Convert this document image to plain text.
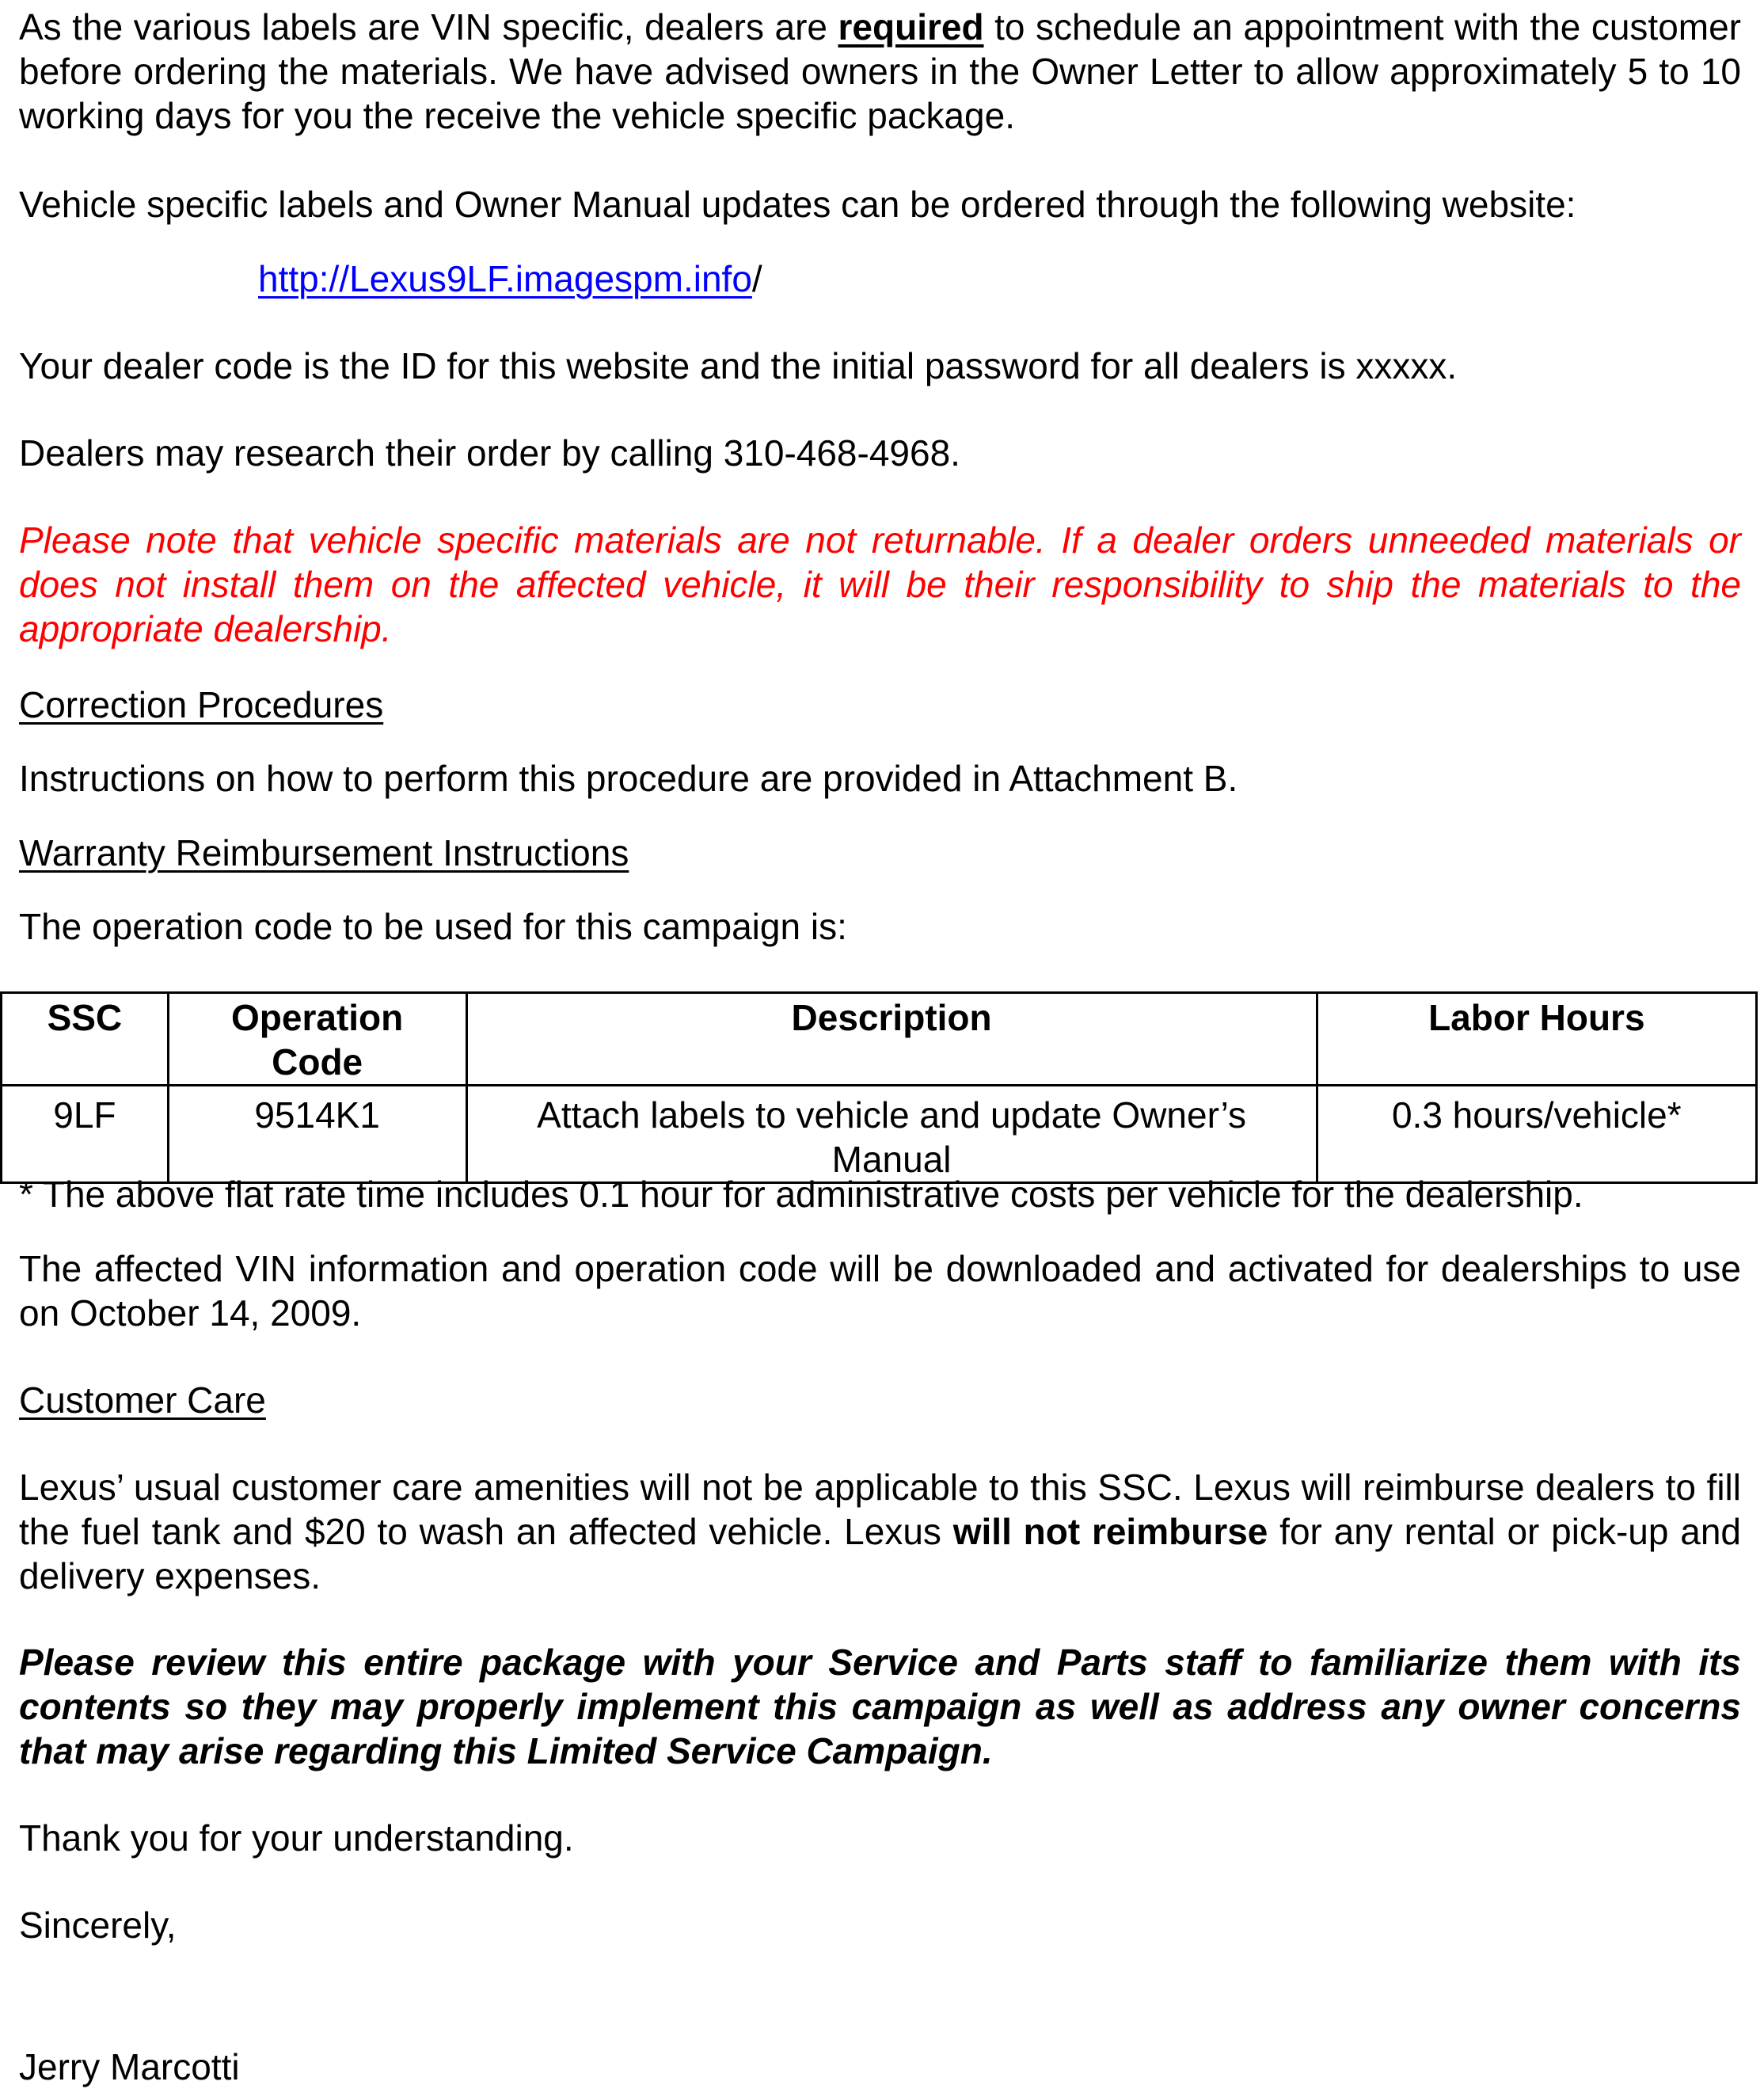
As the various labels are VIN specific, dealers are required to schedule an appointment with the customer before ordering the materials. We have advised owners in the Owner Letter to allow approximately 5 to 10 working days for you the receive the vehicle specific package.

Vehicle specific labels and Owner Manual updates can be ordered through the following website:

http://Lexus9LF.imagespm.info/

Your dealer code is the ID for this website and the initial password for all dealers is xxxxx.

Dealers may research their order by calling 310-468-4968.

Please note that vehicle specific materials are not returnable. If a dealer orders unneeded materials or does not install them on the affected vehicle, it will be their responsibility to ship the materials to the appropriate dealership.

Correction Procedures

Instructions on how to perform this procedure are provided in Attachment B.

Warranty Reimbursement Instructions

The operation code to be used for this campaign is:

SSC	Operation Code	Description	Labor Hours
9LF	9514K1	Attach labels to vehicle and update Owner’s Manual	0.3 hours/vehicle*

* The above flat rate time includes 0.1 hour for administrative costs per vehicle for the dealership.

The affected VIN information and operation code will be downloaded and activated for dealerships to use on October 14, 2009.

Customer Care

Lexus’ usual customer care amenities will not be applicable to this SSC. Lexus will reimburse dealers to fill the fuel tank and $20 to wash an affected vehicle. Lexus will not reimburse for any rental or pick-up and delivery expenses.

Please review this entire package with your Service and Parts staff to familiarize them with its contents so they may properly implement this campaign as well as address any owner concerns that may arise regarding this Limited Service Campaign.

Thank you for your understanding.

Sincerely,

Jerry Marcotti
